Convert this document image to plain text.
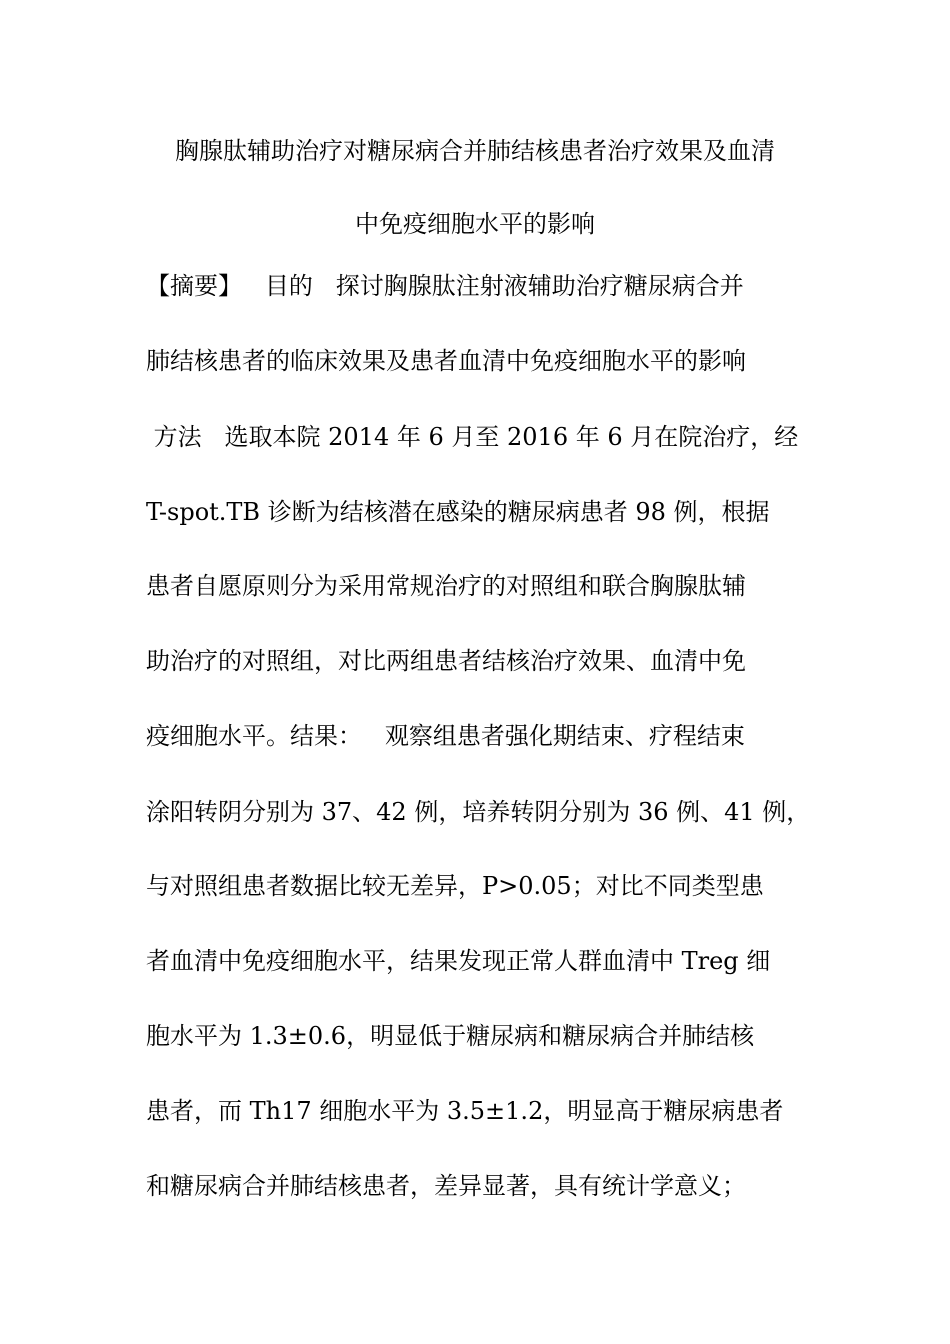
胸腺肽辅助治疗对糖尿病合并肺结核患者治疗效果及血清
中免疫细胞水平的影响
【摘要】   目的   探讨胸腺肽注射液辅助治疗糖尿病合并
肺结核患者的临床效果及患者血清中免疫细胞水平的影响
方法   选取本院 2014 年 6 月至 2016 年 6 月在院治疗，经
T-spot.TB 诊断为结核潜在感染的糖尿病患者 98 例，根据
患者自愿原则分为采用常规治疗的对照组和联合胸腺肽辅
助治疗的对照组，对比两组患者结核治疗效果、血清中免
疫细胞水平。结果：   观察组患者强化期结束、疗程结束
涂阳转阴分别为 37、42 例，培养转阴分别为 36 例、41 例，
与对照组患者数据比较无差异，P>0.05；对比不同类型患
者血清中免疫细胞水平，结果发现正常人群血清中 Treg 细
胞水平为 1.3±0.6，明显低于糖尿病和糖尿病合并肺结核
患者，而 Th17 细胞水平为 3.5±1.2，明显高于糖尿病患者
和糖尿病合并肺结核患者，差异显著，具有统计学意义；
